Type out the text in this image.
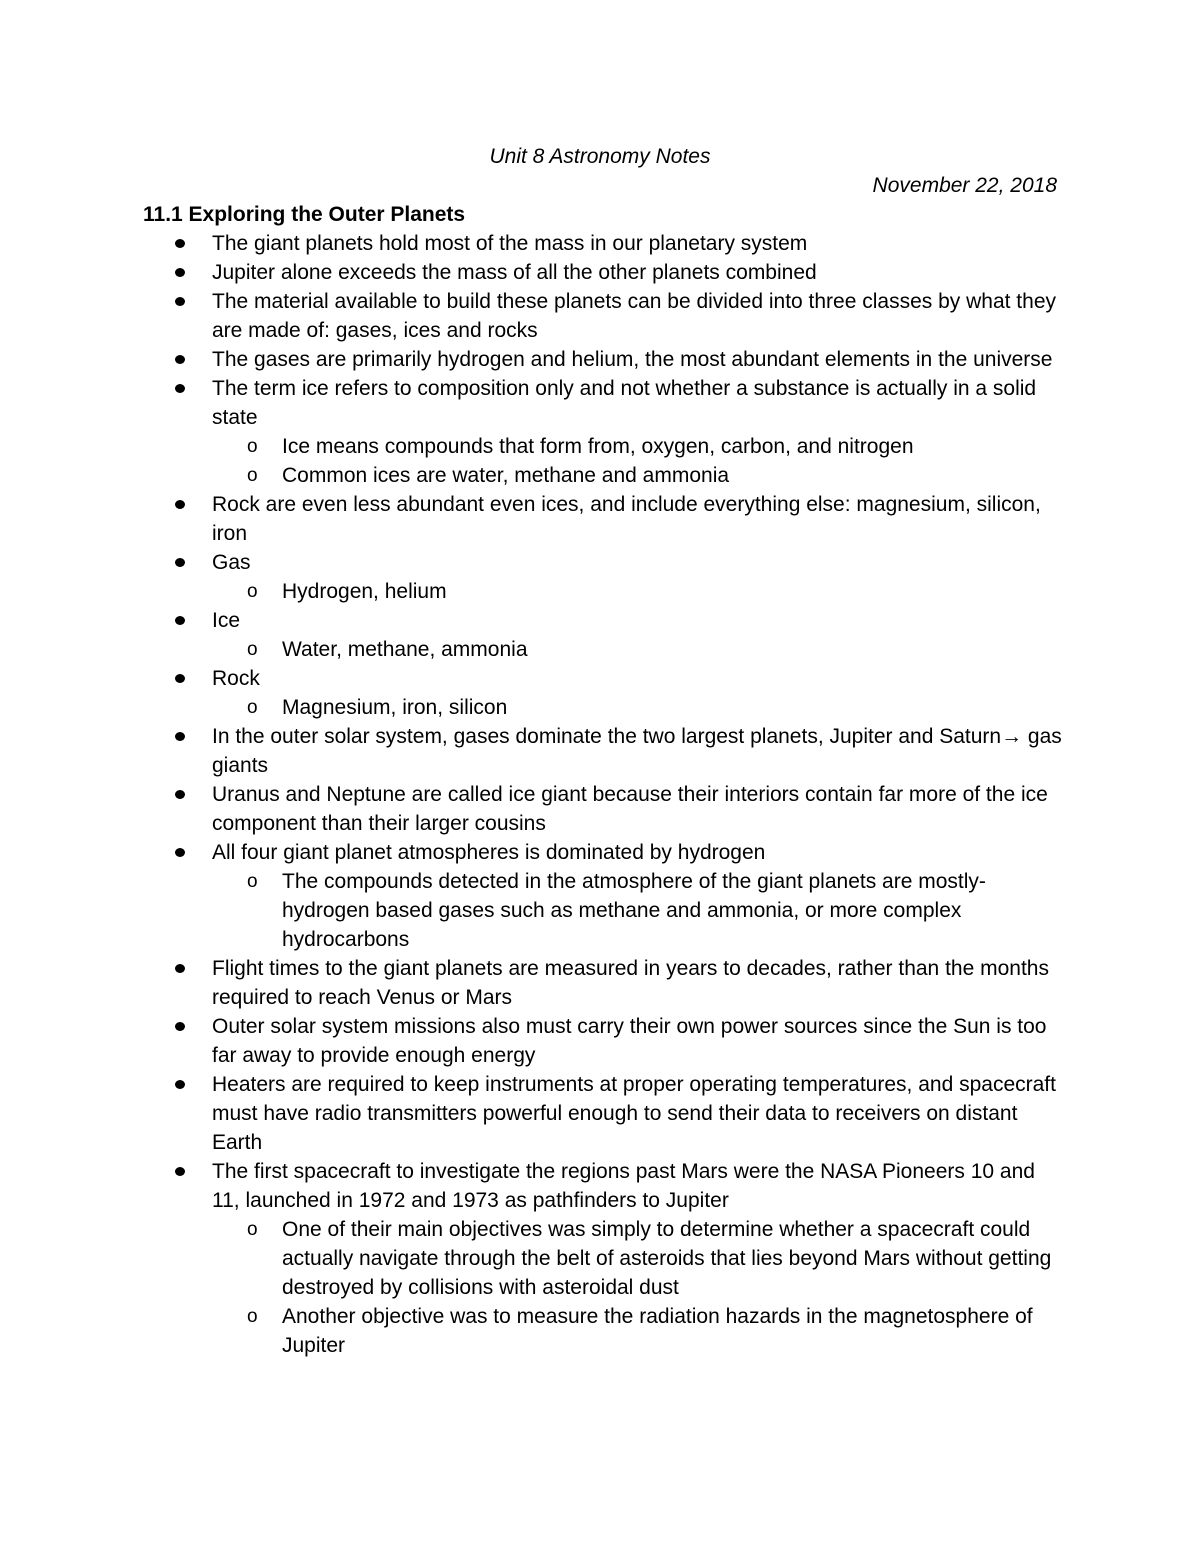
Unit 8 Astronomy Notes
November 22, 2018
11.1 Exploring the Outer Planets
The giant planets hold most of the mass in our planetary system
Jupiter alone exceeds the mass of all the other planets combined
The material available to build these planets can be divided into three classes by what they are made of: gases, ices and rocks
The gases are primarily hydrogen and helium, the most abundant elements in the universe
The term ice refers to composition only and not whether a substance is actually in a solid state
o Ice means compounds that form from, oxygen, carbon, and nitrogen
o Common ices are water, methane and ammonia
Rock are even less abundant even ices, and include everything else: magnesium, silicon, iron
Gas
o Hydrogen, helium
Ice
o Water, methane, ammonia
Rock
o Magnesium, iron, silicon
In the outer solar system, gases dominate the two largest planets, Jupiter and Saturn→ gas giants
Uranus and Neptune are called ice giant because their interiors contain far more of the ice component than their larger cousins
All four giant planet atmospheres is dominated by hydrogen
o The compounds detected in the atmosphere of the giant planets are mostly- hydrogen based gases such as methane and ammonia, or more complex hydrocarbons
Flight times to the giant planets are measured in years to decades, rather than the months required to reach Venus or Mars
Outer solar system missions also must carry their own power sources since the Sun is too far away to provide enough energy
Heaters are required to keep instruments at proper operating temperatures, and spacecraft must have radio transmitters powerful enough to send their data to receivers on distant Earth
The first spacecraft to investigate the regions past Mars were the NASA Pioneers 10 and 11, launched in 1972 and 1973 as pathfinders to Jupiter
o One of their main objectives was simply to determine whether a spacecraft could actually navigate through the belt of asteroids that lies beyond Mars without getting destroyed by collisions with asteroidal dust
o Another objective was to measure the radiation hazards in the magnetosphere of Jupiter
